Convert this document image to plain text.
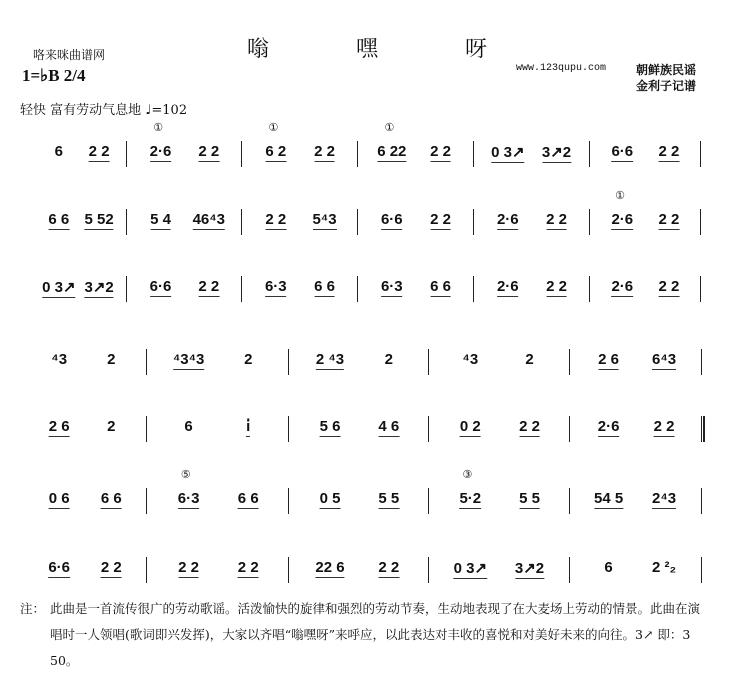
嗡 嘿 呀
1=♭B 2/4
咯来咪曲谱网
www.123qupu.com 朝鲜族民谣
金利子记谱
轻快 富有劳动气息地 ♩=102
6 2 2	2·6 2 2
①
6 2 2 2
①
6 22 2 2
①
0 3↗ 3↗2	6·6 2 2
6 6 5 52 5 4 46⁴3	2 2 5⁴3	6·6 2 2	2·6 2 2	2·6 2 2
①
0 3↗ 3↗2 6·6 2 2	6·3 6 6	6·3 6 6	2·6 2 2	2·6 2 2
⁴3	2	⁴3⁴3	2	2 ⁴3	2	⁴3	2	2 6 6⁴3
2 6 2	6	i̇	5 6	4 6	0 2	2 2	2·6 2 2
0 6 6 6	6·3	6 6
⑤
0 5	5 5	5·2	5 5
③
54 5 2⁴3
6·6 2 2	2 2	2 2	22 6 2 2	0 3↗ 3↗2	6	2 ²₂
注： 此曲是一首流传很广的劳动歌谣。活泼愉快的旋律和强烈的劳动节奏，生动地表现了在大麦场上劳动的情景。此曲在演唱时一人领唱(歌词即兴发挥)，大家以齐唱“嗡嘿呀”来呼应，以此表达对丰收的喜悦和对美好未来的向往。3↗ 即：3 50。
